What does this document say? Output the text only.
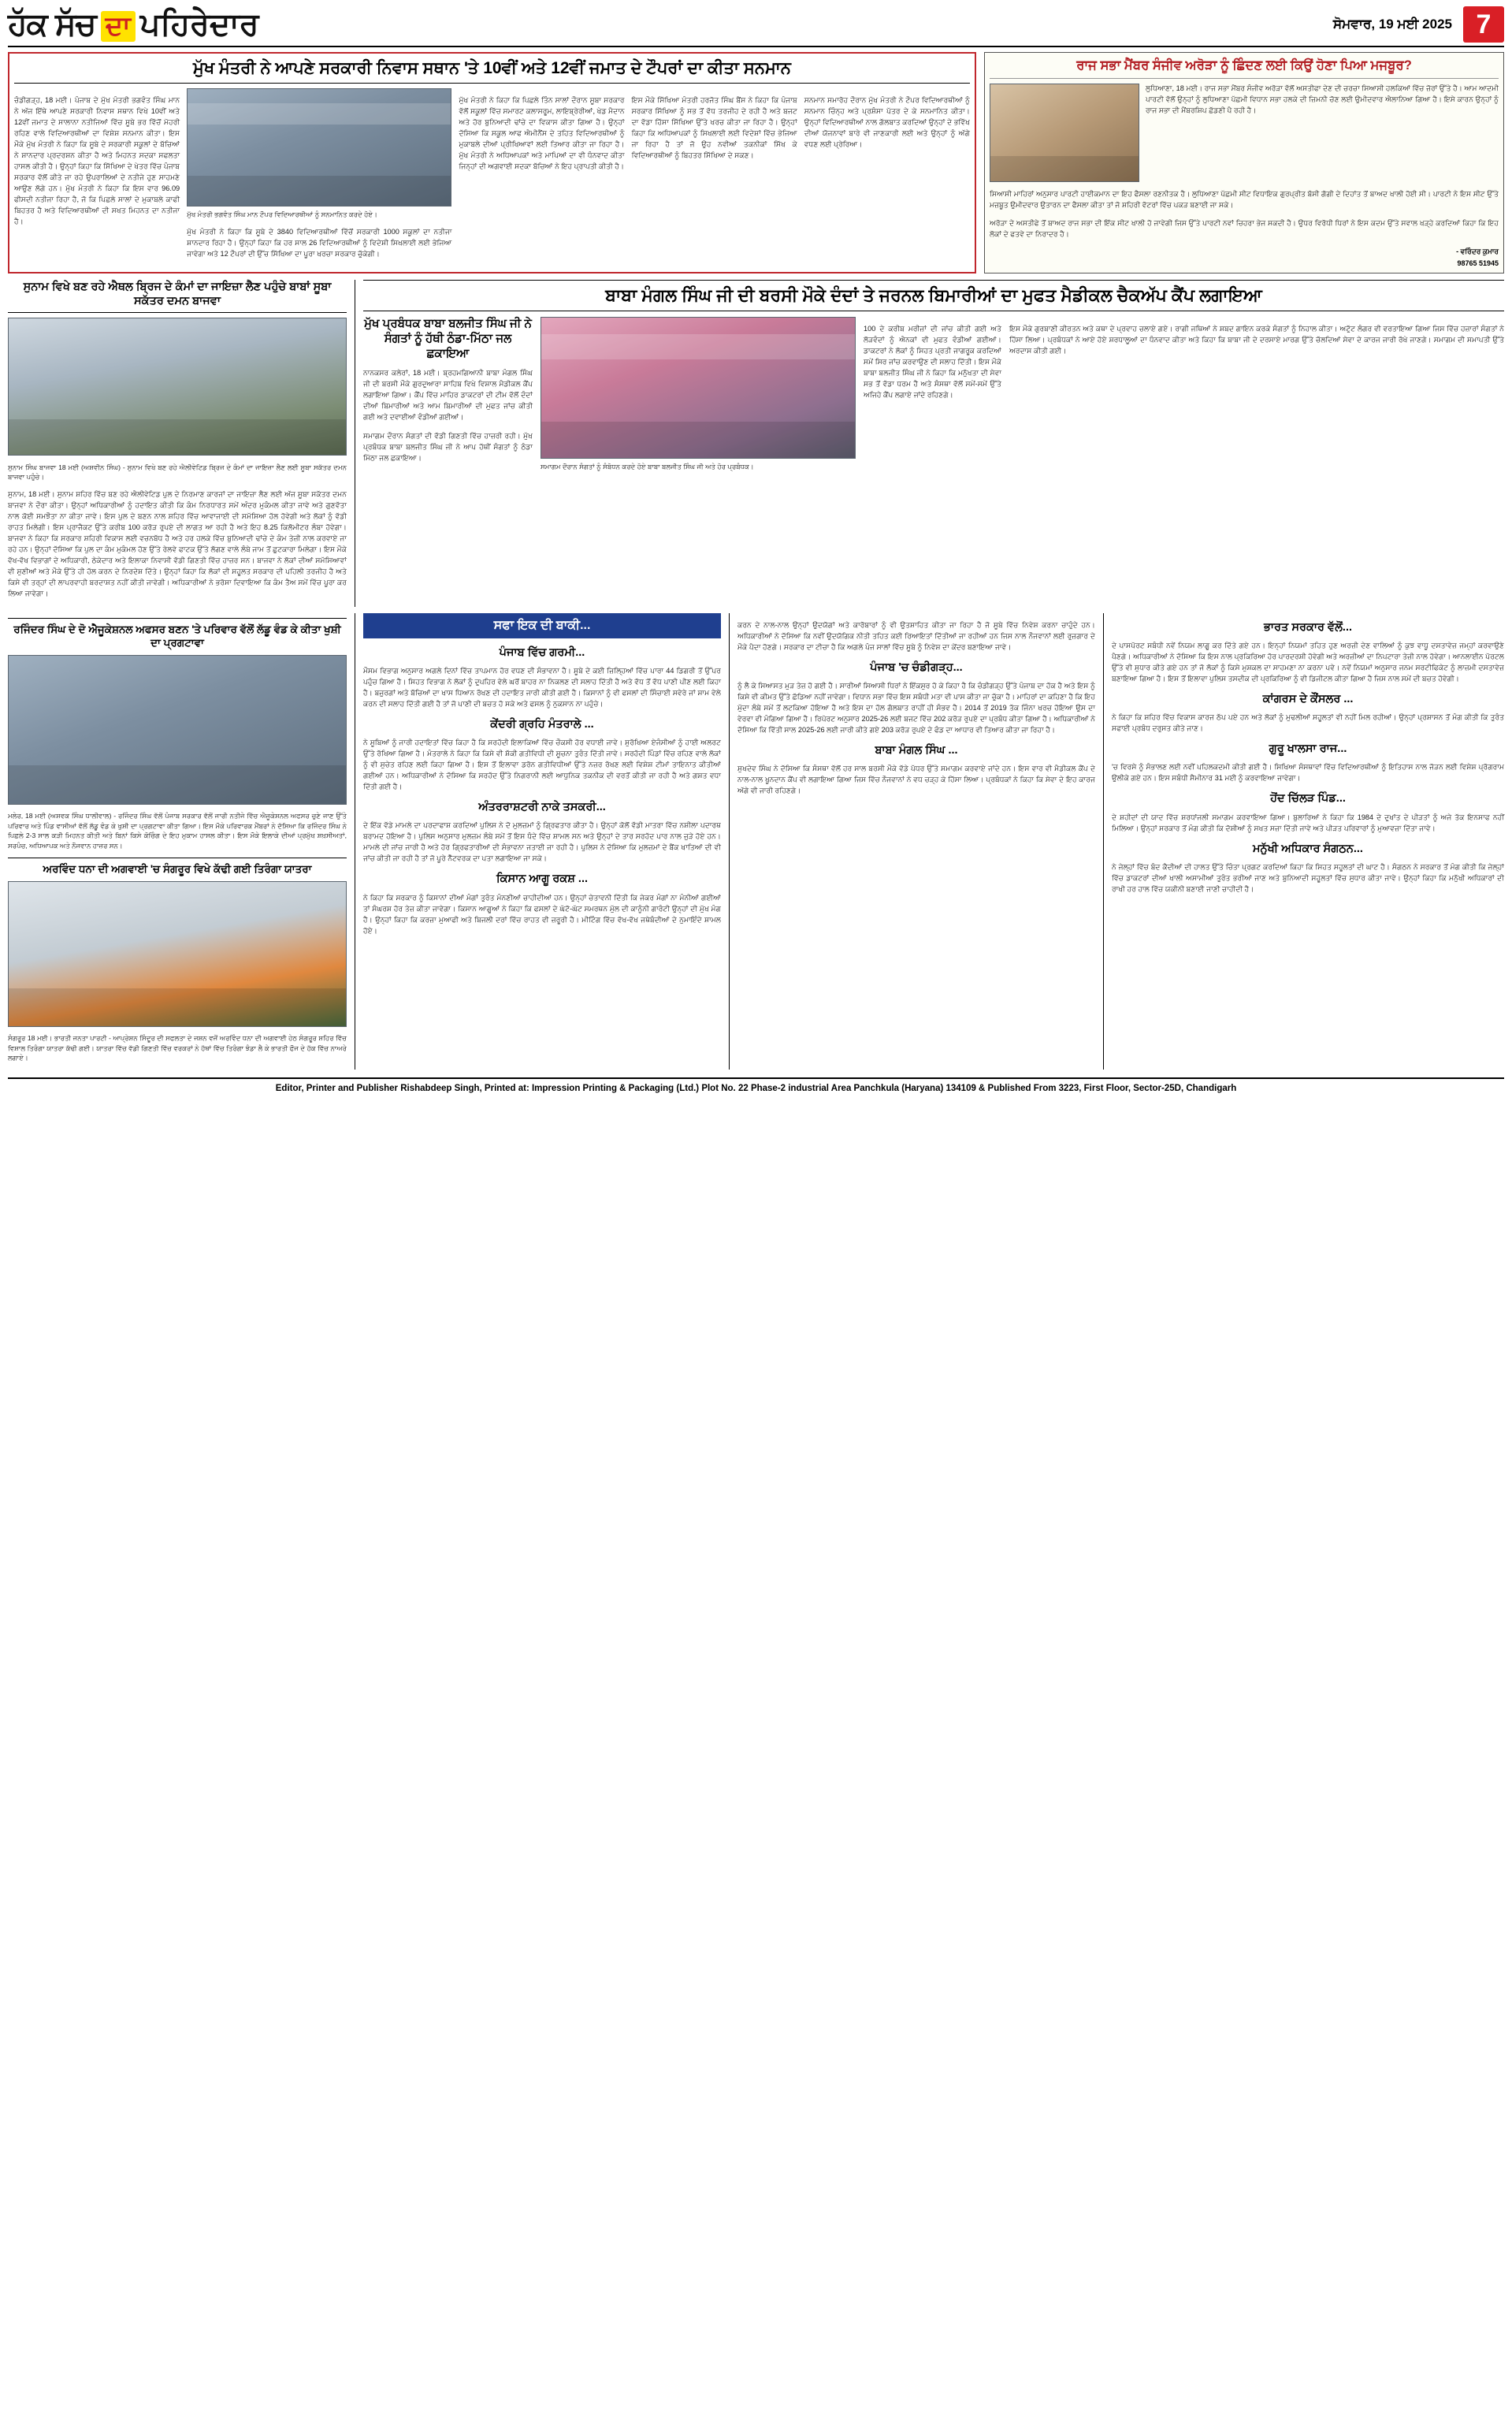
ਹੱਕ ਸੱਚ ਦਾ ਪਹਿਰੇਦਾਰ	ਸੋਮਵਾਰ, 19 ਮਈ 2025 7
ਮੁੱਖ ਮੰਤਰੀ ਨੇ ਆਪਣੇ ਸਰਕਾਰੀ ਨਿਵਾਸ ਸਥਾਨ 'ਤੇ 10ਵੀਂ ਅਤੇ 12ਵੀਂ ਜਮਾਤ ਦੇ ਟੌਪਰਾਂ ਦਾ ਕੀਤਾ ਸਨਮਾਨ

ਚੰਡੀਗੜ੍ਹ, 18 ਮਈ। ਪੰਜਾਬ ਦੇ ਮੁੱਖ ਮੰਤਰੀ ਭਗਵੰਤ ਸਿੰਘ ਮਾਨ ਨੇ ਅੱਜ ਇੱਥੇ ਆਪਣੇ ਸਰਕਾਰੀ ਨਿਵਾਸ ਸਥਾਨ ਵਿਖੇ 10ਵੀਂ ਅਤੇ 12ਵੀਂ ਜਮਾਤ ਦੇ ਸਾਲਾਨਾ ਨਤੀਜਿਆਂ ਵਿੱਚ ਸੂਬੇ ਭਰ ਵਿੱਚੋਂ ਮੋਹਰੀ ਰਹਿਣ ਵਾਲੇ ਵਿਦਿਆਰਥੀਆਂ ਦਾ ਵਿਸ਼ੇਸ਼ ਸਨਮਾਨ ਕੀਤਾ। ਇਸ ਮੌਕੇ ਮੁੱਖ ਮੰਤਰੀ ਨੇ ਕਿਹਾ ਕਿ ਸੂਬੇ ਦੇ ਸਰਕਾਰੀ ਸਕੂਲਾਂ ਦੇ ਬੱਚਿਆਂ ਨੇ ਸ਼ਾਨਦਾਰ ਪ੍ਰਦਰਸ਼ਨ ਕੀਤਾ ਹੈ ਅਤੇ ਮਿਹਨਤ ਸਦਕਾ ਸਫਲਤਾ ਹਾਸਲ ਕੀਤੀ ਹੈ। ਉਨ੍ਹਾਂ ਕਿਹਾ ਕਿ ਸਿੱਖਿਆ ਦੇ ਖੇਤਰ ਵਿੱਚ ਪੰਜਾਬ ਸਰਕਾਰ ਵੱਲੋਂ ਕੀਤੇ ਜਾ ਰਹੇ ਉਪਰਾਲਿਆਂ ਦੇ ਨਤੀਜੇ ਹੁਣ ਸਾਹਮਣੇ ਆਉਣ ਲੱਗੇ ਹਨ। ਮੁੱਖ ਮੰਤਰੀ ਨੇ ਕਿਹਾ ਕਿ ਇਸ ਵਾਰ 96.09 ਫੀਸਦੀ ਨਤੀਜਾ ਰਿਹਾ ਹੈ, ਜੋ ਕਿ ਪਿਛਲੇ ਸਾਲਾਂ ਦੇ ਮੁਕਾਬਲੇ ਕਾਫੀ ਬਿਹਤਰ ਹੈ ਅਤੇ ਵਿਦਿਆਰਥੀਆਂ ਦੀ ਸਖਤ ਮਿਹਨਤ ਦਾ ਨਤੀਜਾ ਹੈ।

ਮੁੱਖ ਮੰਤਰੀ ਭਗਵੰਤ ਸਿੰਘ ਮਾਨ ਟੌਪਰ ਵਿਦਿਆਰਥੀਆਂ ਨੂੰ ਸਨਮਾਨਿਤ ਕਰਦੇ ਹੋਏ।

ਮੁੱਖ ਮੰਤਰੀ ਨੇ ਕਿਹਾ ਕਿ ਸੂਬੇ ਦੇ 3840 ਵਿਦਿਆਰਥੀਆਂ ਵਿੱਚੋਂ ਸਰਕਾਰੀ 1000 ਸਕੂਲਾਂ ਦਾ ਨਤੀਜਾ ਸ਼ਾਨਦਾਰ ਰਿਹਾ ਹੈ। ਉਨ੍ਹਾਂ ਕਿਹਾ ਕਿ ਹਰ ਸਾਲ 26 ਵਿਦਿਆਰਥੀਆਂ ਨੂੰ ਵਿਦੇਸ਼ੀ ਸਿਖਲਾਈ ਲਈ ਭੇਜਿਆ ਜਾਵੇਗਾ ਅਤੇ 12 ਟੌਪਰਾਂ ਦੀ ਉੱਚ ਸਿੱਖਿਆ ਦਾ ਪੂਰਾ ਖਰਚਾ ਸਰਕਾਰ ਚੁੱਕੇਗੀ।

ਮੁੱਖ ਮੰਤਰੀ ਨੇ ਕਿਹਾ ਕਿ ਪਿਛਲੇ ਤਿੰਨ ਸਾਲਾਂ ਦੌਰਾਨ ਸੂਬਾ ਸਰਕਾਰ ਵੱਲੋਂ ਸਕੂਲਾਂ ਵਿੱਚ ਸਮਾਰਟ ਕਲਾਸਰੂਮ, ਲਾਇਬ੍ਰੇਰੀਆਂ, ਖੇਡ ਮੈਦਾਨ ਅਤੇ ਹੋਰ ਬੁਨਿਆਦੀ ਢਾਂਚੇ ਦਾ ਵਿਕਾਸ ਕੀਤਾ ਗਿਆ ਹੈ। ਉਨ੍ਹਾਂ ਦੱਸਿਆ ਕਿ ਸਕੂਲ ਆਫ ਐਮੀਨੈਂਸ ਦੇ ਤਹਿਤ ਵਿਦਿਆਰਥੀਆਂ ਨੂੰ ਮੁਕਾਬਲੇ ਦੀਆਂ ਪ੍ਰੀਖਿਆਵਾਂ ਲਈ ਤਿਆਰ ਕੀਤਾ ਜਾ ਰਿਹਾ ਹੈ। ਮੁੱਖ ਮੰਤਰੀ ਨੇ ਅਧਿਆਪਕਾਂ ਅਤੇ ਮਾਪਿਆਂ ਦਾ ਵੀ ਧੰਨਵਾਦ ਕੀਤਾ ਜਿਨ੍ਹਾਂ ਦੀ ਅਗਵਾਈ ਸਦਕਾ ਬੱਚਿਆਂ ਨੇ ਇਹ ਪ੍ਰਾਪਤੀ ਕੀਤੀ ਹੈ।

ਇਸ ਮੌਕੇ ਸਿੱਖਿਆ ਮੰਤਰੀ ਹਰਜੋਤ ਸਿੰਘ ਬੈਂਸ ਨੇ ਕਿਹਾ ਕਿ ਪੰਜਾਬ ਸਰਕਾਰ ਸਿੱਖਿਆ ਨੂੰ ਸਭ ਤੋਂ ਵੱਧ ਤਰਜੀਹ ਦੇ ਰਹੀ ਹੈ ਅਤੇ ਬਜਟ ਦਾ ਵੱਡਾ ਹਿੱਸਾ ਸਿੱਖਿਆ ਉੱਤੇ ਖਰਚ ਕੀਤਾ ਜਾ ਰਿਹਾ ਹੈ। ਉਨ੍ਹਾਂ ਕਿਹਾ ਕਿ ਅਧਿਆਪਕਾਂ ਨੂੰ ਸਿਖਲਾਈ ਲਈ ਵਿਦੇਸ਼ਾਂ ਵਿੱਚ ਭੇਜਿਆ ਜਾ ਰਿਹਾ ਹੈ ਤਾਂ ਜੋ ਉਹ ਨਵੀਆਂ ਤਕਨੀਕਾਂ ਸਿੱਖ ਕੇ ਵਿਦਿਆਰਥੀਆਂ ਨੂੰ ਬਿਹਤਰ ਸਿੱਖਿਆ ਦੇ ਸਕਣ।

ਸਨਮਾਨ ਸਮਾਰੋਹ ਦੌਰਾਨ ਮੁੱਖ ਮੰਤਰੀ ਨੇ ਟੌਪਰ ਵਿਦਿਆਰਥੀਆਂ ਨੂੰ ਸਨਮਾਨ ਚਿੰਨ੍ਹ ਅਤੇ ਪ੍ਰਸ਼ੰਸਾ ਪੱਤਰ ਦੇ ਕੇ ਸਨਮਾਨਿਤ ਕੀਤਾ। ਉਨ੍ਹਾਂ ਵਿਦਿਆਰਥੀਆਂ ਨਾਲ ਗੱਲਬਾਤ ਕਰਦਿਆਂ ਉਨ੍ਹਾਂ ਦੇ ਭਵਿੱਖ ਦੀਆਂ ਯੋਜਨਾਵਾਂ ਬਾਰੇ ਵੀ ਜਾਣਕਾਰੀ ਲਈ ਅਤੇ ਉਨ੍ਹਾਂ ਨੂੰ ਅੱਗੇ ਵਧਣ ਲਈ ਪ੍ਰੇਰਿਆ।

ਰਾਜ ਸਭਾ ਮੈਂਬਰ ਸੰਜੀਵ ਅਰੋੜਾ ਨੂੰ ਛਿੰਦਣ ਲਈ ਕਿਉਂ ਹੋਣਾ ਪਿਆ ਮਜਬੂਰ?

ਲੁਧਿਆਣਾ, 18 ਮਈ। ਰਾਜ ਸਭਾ ਮੈਂਬਰ ਸੰਜੀਵ ਅਰੋੜਾ ਵੱਲੋਂ ਅਸਤੀਫਾ ਦੇਣ ਦੀ ਚਰਚਾ ਸਿਆਸੀ ਹਲਕਿਆਂ ਵਿੱਚ ਜ਼ੋਰਾਂ ਉੱਤੇ ਹੈ। ਆਮ ਆਦਮੀ ਪਾਰਟੀ ਵੱਲੋਂ ਉਨ੍ਹਾਂ ਨੂੰ ਲੁਧਿਆਣਾ ਪੱਛਮੀ ਵਿਧਾਨ ਸਭਾ ਹਲਕੇ ਦੀ ਜ਼ਿਮਨੀ ਚੋਣ ਲਈ ਉਮੀਦਵਾਰ ਐਲਾਨਿਆ ਗਿਆ ਹੈ। ਇਸੇ ਕਾਰਨ ਉਨ੍ਹਾਂ ਨੂੰ ਰਾਜ ਸਭਾ ਦੀ ਮੈਂਬਰਸ਼ਿਪ ਛੱਡਣੀ ਪੈ ਰਹੀ ਹੈ।

ਸਿਆਸੀ ਮਾਹਿਰਾਂ ਅਨੁਸਾਰ ਪਾਰਟੀ ਹਾਈਕਮਾਨ ਦਾ ਇਹ ਫੈਸਲਾ ਰਣਨੀਤਕ ਹੈ। ਲੁਧਿਆਣਾ ਪੱਛਮੀ ਸੀਟ ਵਿਧਾਇਕ ਗੁਰਪ੍ਰੀਤ ਬੱਸੀ ਗੋਗੀ ਦੇ ਦਿਹਾਂਤ ਤੋਂ ਬਾਅਦ ਖਾਲੀ ਹੋਈ ਸੀ। ਪਾਰਟੀ ਨੇ ਇਸ ਸੀਟ ਉੱਤੇ ਮਜ਼ਬੂਤ ਉਮੀਦਵਾਰ ਉਤਾਰਨ ਦਾ ਫੈਸਲਾ ਕੀਤਾ ਤਾਂ ਜੋ ਸ਼ਹਿਰੀ ਵੋਟਰਾਂ ਵਿੱਚ ਪਕੜ ਬਣਾਈ ਜਾ ਸਕੇ।

ਅਰੋੜਾ ਦੇ ਅਸਤੀਫੇ ਤੋਂ ਬਾਅਦ ਰਾਜ ਸਭਾ ਦੀ ਇੱਕ ਸੀਟ ਖਾਲੀ ਹੋ ਜਾਵੇਗੀ ਜਿਸ ਉੱਤੇ ਪਾਰਟੀ ਨਵਾਂ ਚਿਹਰਾ ਭੇਜ ਸਕਦੀ ਹੈ। ਉਧਰ ਵਿਰੋਧੀ ਧਿਰਾਂ ਨੇ ਇਸ ਕਦਮ ਉੱਤੇ ਸਵਾਲ ਖੜ੍ਹੇ ਕਰਦਿਆਂ ਕਿਹਾ ਕਿ ਇਹ ਲੋਕਾਂ ਦੇ ਫਤਵੇ ਦਾ ਨਿਰਾਦਰ ਹੈ।

- ਵਰਿੰਦਰ ਕੁਮਾਰ
98765 51945
ਸੁਨਾਮ ਵਿਖੇ ਬਣ ਰਹੇ ਐਥਲ ਬ੍ਰਿਜ ਦੇ ਕੰਮਾਂ ਦਾ ਜਾਇਜ਼ਾ ਲੈਣ ਪਹੁੰਚੇ ਬਾਬਾਂ ਸੂਬਾ ਸਕੱਤਰ ਦਮਨ ਬਾਜਵਾ

ਸੁਨਾਮ ਸਿੰਘ ਬਾਜਵਾ 18 ਮਈ (ਅਸ਼ਵੀਨ ਸਿੰਘ) - ਸੁਨਾਮ ਵਿਖੇ ਬਣ ਰਹੇ ਐਲੀਵੇਟਿਡ ਬ੍ਰਿਜ ਦੇ ਕੰਮਾਂ ਦਾ ਜਾਇਜ਼ਾ ਲੈਣ ਲਈ ਸੂਬਾ ਸਕੱਤਰ ਦਮਨ ਬਾਜਵਾ ਪਹੁੰਚੇ।

ਸੁਨਾਮ, 18 ਮਈ। ਸੁਨਾਮ ਸ਼ਹਿਰ ਵਿੱਚ ਬਣ ਰਹੇ ਐਲੀਵੇਟਿਡ ਪੁਲ ਦੇ ਨਿਰਮਾਣ ਕਾਰਜਾਂ ਦਾ ਜਾਇਜ਼ਾ ਲੈਣ ਲਈ ਅੱਜ ਸੂਬਾ ਸਕੱਤਰ ਦਮਨ ਬਾਜਵਾ ਨੇ ਦੌਰਾ ਕੀਤਾ। ਉਨ੍ਹਾਂ ਅਧਿਕਾਰੀਆਂ ਨੂੰ ਹਦਾਇਤ ਕੀਤੀ ਕਿ ਕੰਮ ਨਿਰਧਾਰਤ ਸਮੇਂ ਅੰਦਰ ਮੁਕੰਮਲ ਕੀਤਾ ਜਾਵੇ ਅਤੇ ਗੁਣਵੱਤਾ ਨਾਲ ਕੋਈ ਸਮਝੌਤਾ ਨਾ ਕੀਤਾ ਜਾਵੇ। ਇਸ ਪੁਲ ਦੇ ਬਣਨ ਨਾਲ ਸ਼ਹਿਰ ਵਿੱਚ ਆਵਾਜਾਈ ਦੀ ਸਮੱਸਿਆ ਹੱਲ ਹੋਵੇਗੀ ਅਤੇ ਲੋਕਾਂ ਨੂੰ ਵੱਡੀ ਰਾਹਤ ਮਿਲੇਗੀ। ਇਸ ਪ੍ਰਾਜੈਕਟ ਉੱਤੇ ਕਰੀਬ 100 ਕਰੋੜ ਰੁਪਏ ਦੀ ਲਾਗਤ ਆ ਰਹੀ ਹੈ ਅਤੇ ਇਹ 8.25 ਕਿਲੋਮੀਟਰ ਲੰਬਾ ਹੋਵੇਗਾ। ਬਾਜਵਾ ਨੇ ਕਿਹਾ ਕਿ ਸਰਕਾਰ ਸ਼ਹਿਰੀ ਵਿਕਾਸ ਲਈ ਵਚਨਬੱਧ ਹੈ ਅਤੇ ਹਰ ਹਲਕੇ ਵਿੱਚ ਬੁਨਿਆਦੀ ਢਾਂਚੇ ਦੇ ਕੰਮ ਤੇਜ਼ੀ ਨਾਲ ਕਰਵਾਏ ਜਾ ਰਹੇ ਹਨ। ਉਨ੍ਹਾਂ ਦੱਸਿਆ ਕਿ ਪੁਲ ਦਾ ਕੰਮ ਮੁਕੰਮਲ ਹੋਣ ਉੱਤੇ ਰੇਲਵੇ ਫਾਟਕ ਉੱਤੇ ਲੱਗਣ ਵਾਲੇ ਲੰਬੇ ਜਾਮ ਤੋਂ ਛੁਟਕਾਰਾ ਮਿਲੇਗਾ। ਇਸ ਮੌਕੇ ਵੱਖ-ਵੱਖ ਵਿਭਾਗਾਂ ਦੇ ਅਧਿਕਾਰੀ, ਠੇਕੇਦਾਰ ਅਤੇ ਇਲਾਕਾ ਨਿਵਾਸੀ ਵੱਡੀ ਗਿਣਤੀ ਵਿੱਚ ਹਾਜ਼ਰ ਸਨ। ਬਾਜਵਾ ਨੇ ਲੋਕਾਂ ਦੀਆਂ ਸਮੱਸਿਆਵਾਂ ਵੀ ਸੁਣੀਆਂ ਅਤੇ ਮੌਕੇ ਉੱਤੇ ਹੀ ਹੱਲ ਕਰਨ ਦੇ ਨਿਰਦੇਸ਼ ਦਿੱਤੇ। ਉਨ੍ਹਾਂ ਕਿਹਾ ਕਿ ਲੋਕਾਂ ਦੀ ਸਹੂਲਤ ਸਰਕਾਰ ਦੀ ਪਹਿਲੀ ਤਰਜੀਹ ਹੈ ਅਤੇ ਕਿਸੇ ਵੀ ਤਰ੍ਹਾਂ ਦੀ ਲਾਪਰਵਾਹੀ ਬਰਦਾਸ਼ਤ ਨਹੀਂ ਕੀਤੀ ਜਾਵੇਗੀ। ਅਧਿਕਾਰੀਆਂ ਨੇ ਭਰੋਸਾ ਦਿਵਾਇਆ ਕਿ ਕੰਮ ਤੈਅ ਸਮੇਂ ਵਿੱਚ ਪੂਰਾ ਕਰ ਲਿਆ ਜਾਵੇਗਾ।

ਬਾਬਾ ਮੰਗਲ ਸਿੰਘ ਜੀ ਦੀ ਬਰਸੀ ਮੌਕੇ ਦੰਦਾਂ ਤੇ ਜਰਨਲ ਬਿਮਾਰੀਆਂ ਦਾ ਮੁਫਤ ਮੈਡੀਕਲ ਚੈਕਅੱਪ ਕੈਂਪ ਲਗਾਇਆ
ਮੁੱਖ ਪ੍ਰਬੰਧਕ ਬਾਬਾ ਬਲਜੀਤ ਸਿੰਘ ਜੀ ਨੇ ਸੰਗਤਾਂ ਨੂੰ ਹੱਥੀ ਠੰਡਾ-ਮਿੱਠਾ ਜਲ ਛਕਾਇਆ

ਨਾਨਕਸਰ ਕਲੇਰਾਂ, 18 ਮਈ। ਬ੍ਰਹਮਗਿਆਨੀ ਬਾਬਾ ਮੰਗਲ ਸਿੰਘ ਜੀ ਦੀ ਬਰਸੀ ਮੌਕੇ ਗੁਰਦੁਆਰਾ ਸਾਹਿਬ ਵਿਖੇ ਵਿਸ਼ਾਲ ਮੈਡੀਕਲ ਕੈਂਪ ਲਗਾਇਆ ਗਿਆ। ਕੈਂਪ ਵਿੱਚ ਮਾਹਿਰ ਡਾਕਟਰਾਂ ਦੀ ਟੀਮ ਵੱਲੋਂ ਦੰਦਾਂ ਦੀਆਂ ਬਿਮਾਰੀਆਂ ਅਤੇ ਆਮ ਬਿਮਾਰੀਆਂ ਦੀ ਮੁਫਤ ਜਾਂਚ ਕੀਤੀ ਗਈ ਅਤੇ ਦਵਾਈਆਂ ਵੰਡੀਆਂ ਗਈਆਂ।

ਸਮਾਗਮ ਦੌਰਾਨ ਸੰਗਤਾਂ ਦੀ ਵੱਡੀ ਗਿਣਤੀ ਵਿੱਚ ਹਾਜ਼ਰੀ ਰਹੀ। ਮੁੱਖ ਪ੍ਰਬੰਧਕ ਬਾਬਾ ਬਲਜੀਤ ਸਿੰਘ ਜੀ ਨੇ ਆਪ ਹੱਥੀਂ ਸੰਗਤਾਂ ਨੂੰ ਠੰਡਾ ਮਿੱਠਾ ਜਲ ਛਕਾਇਆ।

ਸਮਾਗਮ ਦੌਰਾਨ ਸੰਗਤਾਂ ਨੂੰ ਸੰਬੋਧਨ ਕਰਦੇ ਹੋਏ ਬਾਬਾ ਬਲਜੀਤ ਸਿੰਘ ਜੀ ਅਤੇ ਹੋਰ ਪ੍ਰਬੰਧਕ।

100 ਦੇ ਕਰੀਬ ਮਰੀਜ਼ਾਂ ਦੀ ਜਾਂਚ ਕੀਤੀ ਗਈ ਅਤੇ ਲੋੜਵੰਦਾਂ ਨੂੰ ਐਨਕਾਂ ਵੀ ਮੁਫਤ ਵੰਡੀਆਂ ਗਈਆਂ। ਡਾਕਟਰਾਂ ਨੇ ਲੋਕਾਂ ਨੂੰ ਸਿਹਤ ਪ੍ਰਤੀ ਜਾਗਰੂਕ ਕਰਦਿਆਂ ਸਮੇਂ ਸਿਰ ਜਾਂਚ ਕਰਵਾਉਣ ਦੀ ਸਲਾਹ ਦਿੱਤੀ। ਇਸ ਮੌਕੇ ਬਾਬਾ ਬਲਜੀਤ ਸਿੰਘ ਜੀ ਨੇ ਕਿਹਾ ਕਿ ਮਨੁੱਖਤਾ ਦੀ ਸੇਵਾ ਸਭ ਤੋਂ ਵੱਡਾ ਧਰਮ ਹੈ ਅਤੇ ਸੰਸਥਾ ਵੱਲੋਂ ਸਮੇਂ-ਸਮੇਂ ਉੱਤੇ ਅਜਿਹੇ ਕੈਂਪ ਲਗਾਏ ਜਾਂਦੇ ਰਹਿਣਗੇ।

ਇਸ ਮੌਕੇ ਗੁਰਬਾਣੀ ਕੀਰਤਨ ਅਤੇ ਕਥਾ ਦੇ ਪ੍ਰਵਾਹ ਚਲਾਏ ਗਏ। ਰਾਗੀ ਜਥਿਆਂ ਨੇ ਸ਼ਬਦ ਗਾਇਨ ਕਰਕੇ ਸੰਗਤਾਂ ਨੂੰ ਨਿਹਾਲ ਕੀਤਾ। ਅਟੁੱਟ ਲੰਗਰ ਵੀ ਵਰਤਾਇਆ ਗਿਆ ਜਿਸ ਵਿੱਚ ਹਜ਼ਾਰਾਂ ਸੰਗਤਾਂ ਨੇ ਹਿੱਸਾ ਲਿਆ। ਪ੍ਰਬੰਧਕਾਂ ਨੇ ਆਏ ਹੋਏ ਸ਼ਰਧਾਲੂਆਂ ਦਾ ਧੰਨਵਾਦ ਕੀਤਾ ਅਤੇ ਕਿਹਾ ਕਿ ਬਾਬਾ ਜੀ ਦੇ ਦਰਸਾਏ ਮਾਰਗ ਉੱਤੇ ਚੱਲਦਿਆਂ ਸੇਵਾ ਦੇ ਕਾਰਜ ਜਾਰੀ ਰੱਖੇ ਜਾਣਗੇ। ਸਮਾਗਮ ਦੀ ਸਮਾਪਤੀ ਉੱਤੇ ਅਰਦਾਸ ਕੀਤੀ ਗਈ।

ਰਜਿੰਦਰ ਸਿੰਘ ਦੇ ਦੋ ਐਜੂਕੇਸ਼ਨਲ ਅਫਸਰ ਬਣਨ 'ਤੇ ਪਰਿਵਾਰ ਵੱਲੋਂ ਲੱਡੂ ਵੰਡ ਕੇ ਕੀਤਾ ਖੁਸ਼ੀ ਦਾ ਪ੍ਰਗਟਾਵਾ

ਮਲੇਰ, 18 ਮਈ (ਅਸ਼ਵਕ ਸਿੰਘ ਧਾਲੀਵਾਲ) - ਰਜਿੰਦਰ ਸਿੰਘ ਵੱਲੋਂ ਪੰਜਾਬ ਸਰਕਾਰ ਵੱਲੋਂ ਜਾਰੀ ਨਤੀਜੇ ਵਿੱਚ ਐਜੂਕੇਸ਼ਨਲ ਅਫਸਰ ਚੁਣੇ ਜਾਣ ਉੱਤੇ ਪਰਿਵਾਰ ਅਤੇ ਪਿੰਡ ਵਾਸੀਆਂ ਵੱਲੋਂ ਲੱਡੂ ਵੰਡ ਕੇ ਖੁਸ਼ੀ ਦਾ ਪ੍ਰਗਟਾਵਾ ਕੀਤਾ ਗਿਆ। ਇਸ ਮੌਕੇ ਪਰਿਵਾਰਕ ਮੈਂਬਰਾਂ ਨੇ ਦੱਸਿਆ ਕਿ ਰਜਿੰਦਰ ਸਿੰਘ ਨੇ ਪਿਛਲੇ 2-3 ਸਾਲ ਕੜੀ ਮਿਹਨਤ ਕੀਤੀ ਅਤੇ ਬਿਨਾਂ ਕਿਸੇ ਕੋਚਿੰਗ ਦੇ ਇਹ ਮੁਕਾਮ ਹਾਸਲ ਕੀਤਾ। ਇਸ ਮੌਕੇ ਇਲਾਕੇ ਦੀਆਂ ਪ੍ਰਮੁੱਖ ਸ਼ਖ਼ਸੀਅਤਾਂ, ਸਰਪੰਚ, ਅਧਿਆਪਕ ਅਤੇ ਨੌਜਵਾਨ ਹਾਜ਼ਰ ਸਨ।

ਅਰਵਿੰਦ ਧਨਾ ਦੀ ਅਗਵਾਈ 'ਚ ਸੰਗਰੂਰ ਵਿਖੇ ਕੱਢੀ ਗਈ ਤਿਰੰਗਾ ਯਾਤਰਾ

ਸੰਗਰੂਰ 18 ਮਈ। ਭਾਰਤੀ ਜਨਤਾ ਪਾਰਟੀ - ਆਪ੍ਰੇਸ਼ਨ ਸਿੰਦੂਰ ਦੀ ਸਫਲਤਾ ਦੇ ਜਸ਼ਨ ਵਜੋਂ ਅਰਵਿੰਦ ਧਨਾ ਦੀ ਅਗਵਾਈ ਹੇਠ ਸੰਗਰੂਰ ਸ਼ਹਿਰ ਵਿੱਚ ਵਿਸ਼ਾਲ ਤਿਰੰਗਾ ਯਾਤਰਾ ਕੱਢੀ ਗਈ। ਯਾਤਰਾ ਵਿੱਚ ਵੱਡੀ ਗਿਣਤੀ ਵਿੱਚ ਵਰਕਰਾਂ ਨੇ ਹੱਥਾਂ ਵਿੱਚ ਤਿਰੰਗਾ ਝੰਡਾ ਲੈ ਕੇ ਭਾਰਤੀ ਫੌਜ ਦੇ ਹੱਕ ਵਿੱਚ ਨਾਅਰੇ ਲਗਾਏ।

ਸਫਾ ਇਕ ਦੀ ਬਾਕੀ...
ਪੰਜਾਬ ਵਿੱਚ ਗਰਮੀ...

ਮੌਸਮ ਵਿਭਾਗ ਅਨੁਸਾਰ ਅਗਲੇ ਦਿਨਾਂ ਵਿੱਚ ਤਾਪਮਾਨ ਹੋਰ ਵਧਣ ਦੀ ਸੰਭਾਵਨਾ ਹੈ। ਸੂਬੇ ਦੇ ਕਈ ਜ਼ਿਲ੍ਹਿਆਂ ਵਿੱਚ ਪਾਰਾ 44 ਡਿਗਰੀ ਤੋਂ ਉੱਪਰ ਪਹੁੰਚ ਗਿਆ ਹੈ। ਸਿਹਤ ਵਿਭਾਗ ਨੇ ਲੋਕਾਂ ਨੂੰ ਦੁਪਹਿਰ ਵੇਲੇ ਘਰੋਂ ਬਾਹਰ ਨਾ ਨਿਕਲਣ ਦੀ ਸਲਾਹ ਦਿੱਤੀ ਹੈ ਅਤੇ ਵੱਧ ਤੋਂ ਵੱਧ ਪਾਣੀ ਪੀਣ ਲਈ ਕਿਹਾ ਹੈ। ਬਜ਼ੁਰਗਾਂ ਅਤੇ ਬੱਚਿਆਂ ਦਾ ਖਾਸ ਧਿਆਨ ਰੱਖਣ ਦੀ ਹਦਾਇਤ ਜਾਰੀ ਕੀਤੀ ਗਈ ਹੈ। ਕਿਸਾਨਾਂ ਨੂੰ ਵੀ ਫਸਲਾਂ ਦੀ ਸਿੰਚਾਈ ਸਵੇਰੇ ਜਾਂ ਸ਼ਾਮ ਵੇਲੇ ਕਰਨ ਦੀ ਸਲਾਹ ਦਿੱਤੀ ਗਈ ਹੈ ਤਾਂ ਜੋ ਪਾਣੀ ਦੀ ਬਚਤ ਹੋ ਸਕੇ ਅਤੇ ਫਸਲ ਨੂੰ ਨੁਕਸਾਨ ਨਾ ਪਹੁੰਚੇ।

ਕੇਂਦਰੀ ਗ੍ਰਹਿ ਮੰਤਰਾਲੇ ...

ਨੇ ਸੂਬਿਆਂ ਨੂੰ ਜਾਰੀ ਹਦਾਇਤਾਂ ਵਿੱਚ ਕਿਹਾ ਹੈ ਕਿ ਸਰਹੱਦੀ ਇਲਾਕਿਆਂ ਵਿੱਚ ਚੌਕਸੀ ਹੋਰ ਵਧਾਈ ਜਾਵੇ। ਸੁਰੱਖਿਆ ਏਜੰਸੀਆਂ ਨੂੰ ਹਾਈ ਅਲਰਟ ਉੱਤੇ ਰੱਖਿਆ ਗਿਆ ਹੈ। ਮੰਤਰਾਲੇ ਨੇ ਕਿਹਾ ਕਿ ਕਿਸੇ ਵੀ ਸ਼ੱਕੀ ਗਤੀਵਿਧੀ ਦੀ ਸੂਚਨਾ ਤੁਰੰਤ ਦਿੱਤੀ ਜਾਵੇ। ਸਰਹੱਦੀ ਪਿੰਡਾਂ ਵਿੱਚ ਰਹਿਣ ਵਾਲੇ ਲੋਕਾਂ ਨੂੰ ਵੀ ਸੁਚੇਤ ਰਹਿਣ ਲਈ ਕਿਹਾ ਗਿਆ ਹੈ। ਇਸ ਤੋਂ ਇਲਾਵਾ ਡਰੋਨ ਗਤੀਵਿਧੀਆਂ ਉੱਤੇ ਨਜ਼ਰ ਰੱਖਣ ਲਈ ਵਿਸ਼ੇਸ਼ ਟੀਮਾਂ ਤਾਇਨਾਤ ਕੀਤੀਆਂ ਗਈਆਂ ਹਨ। ਅਧਿਕਾਰੀਆਂ ਨੇ ਦੱਸਿਆ ਕਿ ਸਰਹੱਦ ਉੱਤੇ ਨਿਗਰਾਨੀ ਲਈ ਆਧੁਨਿਕ ਤਕਨੀਕ ਦੀ ਵਰਤੋਂ ਕੀਤੀ ਜਾ ਰਹੀ ਹੈ ਅਤੇ ਗਸ਼ਤ ਵਧਾ ਦਿੱਤੀ ਗਈ ਹੈ।

ਅੰਤਰਰਾਸ਼ਟਰੀ ਨਾਕੇ ਤਸਕਰੀ...

ਦੇ ਇੱਕ ਵੱਡੇ ਮਾਮਲੇ ਦਾ ਪਰਦਾਫਾਸ਼ ਕਰਦਿਆਂ ਪੁਲਿਸ ਨੇ ਦੋ ਮੁਲਜ਼ਮਾਂ ਨੂੰ ਗ੍ਰਿਫਤਾਰ ਕੀਤਾ ਹੈ। ਉਨ੍ਹਾਂ ਕੋਲੋਂ ਵੱਡੀ ਮਾਤਰਾ ਵਿੱਚ ਨਸ਼ੀਲਾ ਪਦਾਰਥ ਬਰਾਮਦ ਹੋਇਆ ਹੈ। ਪੁਲਿਸ ਅਨੁਸਾਰ ਮੁਲਜ਼ਮ ਲੰਬੇ ਸਮੇਂ ਤੋਂ ਇਸ ਧੰਦੇ ਵਿੱਚ ਸ਼ਾਮਲ ਸਨ ਅਤੇ ਉਨ੍ਹਾਂ ਦੇ ਤਾਰ ਸਰਹੱਦ ਪਾਰ ਨਾਲ ਜੁੜੇ ਹੋਏ ਹਨ। ਮਾਮਲੇ ਦੀ ਜਾਂਚ ਜਾਰੀ ਹੈ ਅਤੇ ਹੋਰ ਗ੍ਰਿਫਤਾਰੀਆਂ ਦੀ ਸੰਭਾਵਨਾ ਜਤਾਈ ਜਾ ਰਹੀ ਹੈ। ਪੁਲਿਸ ਨੇ ਦੱਸਿਆ ਕਿ ਮੁਲਜ਼ਮਾਂ ਦੇ ਬੈਂਕ ਖਾਤਿਆਂ ਦੀ ਵੀ ਜਾਂਚ ਕੀਤੀ ਜਾ ਰਹੀ ਹੈ ਤਾਂ ਜੋ ਪੂਰੇ ਨੈੱਟਵਰਕ ਦਾ ਪਤਾ ਲਗਾਇਆ ਜਾ ਸਕੇ।

ਕਿਸਾਨ ਆਗੂ ਰਕਸ਼ ...

ਨੇ ਕਿਹਾ ਕਿ ਸਰਕਾਰ ਨੂੰ ਕਿਸਾਨਾਂ ਦੀਆਂ ਮੰਗਾਂ ਤੁਰੰਤ ਮੰਨਣੀਆਂ ਚਾਹੀਦੀਆਂ ਹਨ। ਉਨ੍ਹਾਂ ਚੇਤਾਵਨੀ ਦਿੱਤੀ ਕਿ ਜੇਕਰ ਮੰਗਾਂ ਨਾ ਮੰਨੀਆਂ ਗਈਆਂ ਤਾਂ ਸੰਘਰਸ਼ ਹੋਰ ਤੇਜ਼ ਕੀਤਾ ਜਾਵੇਗਾ। ਕਿਸਾਨ ਆਗੂਆਂ ਨੇ ਕਿਹਾ ਕਿ ਫਸਲਾਂ ਦੇ ਘੱਟੋ-ਘੱਟ ਸਮਰਥਨ ਮੁੱਲ ਦੀ ਕਾਨੂੰਨੀ ਗਾਰੰਟੀ ਉਨ੍ਹਾਂ ਦੀ ਮੁੱਖ ਮੰਗ ਹੈ। ਉਨ੍ਹਾਂ ਕਿਹਾ ਕਿ ਕਰਜ਼ਾ ਮੁਆਫੀ ਅਤੇ ਬਿਜਲੀ ਦਰਾਂ ਵਿੱਚ ਰਾਹਤ ਵੀ ਜ਼ਰੂਰੀ ਹੈ। ਮੀਟਿੰਗ ਵਿੱਚ ਵੱਖ-ਵੱਖ ਜਥੇਬੰਦੀਆਂ ਦੇ ਨੁਮਾਇੰਦੇ ਸ਼ਾਮਲ ਹੋਏ।

ਕਰਨ ਦੇ ਨਾਲ-ਨਾਲ ਉਨ੍ਹਾਂ ਉਦਯੋਗਾਂ ਅਤੇ ਕਾਰੋਬਾਰਾਂ ਨੂੰ ਵੀ ਉਤਸ਼ਾਹਿਤ ਕੀਤਾ ਜਾ ਰਿਹਾ ਹੈ ਜੋ ਸੂਬੇ ਵਿੱਚ ਨਿਵੇਸ਼ ਕਰਨਾ ਚਾਹੁੰਦੇ ਹਨ। ਅਧਿਕਾਰੀਆਂ ਨੇ ਦੱਸਿਆ ਕਿ ਨਵੀਂ ਉਦਯੋਗਿਕ ਨੀਤੀ ਤਹਿਤ ਕਈ ਰਿਆਇਤਾਂ ਦਿੱਤੀਆਂ ਜਾ ਰਹੀਆਂ ਹਨ ਜਿਸ ਨਾਲ ਨੌਜਵਾਨਾਂ ਲਈ ਰੁਜ਼ਗਾਰ ਦੇ ਮੌਕੇ ਪੈਦਾ ਹੋਣਗੇ। ਸਰਕਾਰ ਦਾ ਟੀਚਾ ਹੈ ਕਿ ਅਗਲੇ ਪੰਜ ਸਾਲਾਂ ਵਿੱਚ ਸੂਬੇ ਨੂੰ ਨਿਵੇਸ਼ ਦਾ ਕੇਂਦਰ ਬਣਾਇਆ ਜਾਵੇ।

ਪੰਜਾਬ 'ਚ ਚੰਡੀਗੜ੍ਹ...

ਨੂੰ ਲੈ ਕੇ ਸਿਆਸਤ ਮੁੜ ਤੇਜ਼ ਹੋ ਗਈ ਹੈ। ਸਾਰੀਆਂ ਸਿਆਸੀ ਧਿਰਾਂ ਨੇ ਇੱਕਸੁਰ ਹੋ ਕੇ ਕਿਹਾ ਹੈ ਕਿ ਚੰਡੀਗੜ੍ਹ ਉੱਤੇ ਪੰਜਾਬ ਦਾ ਹੱਕ ਹੈ ਅਤੇ ਇਸ ਨੂੰ ਕਿਸੇ ਵੀ ਕੀਮਤ ਉੱਤੇ ਛੱਡਿਆ ਨਹੀਂ ਜਾਵੇਗਾ। ਵਿਧਾਨ ਸਭਾ ਵਿੱਚ ਇਸ ਸਬੰਧੀ ਮਤਾ ਵੀ ਪਾਸ ਕੀਤਾ ਜਾ ਚੁੱਕਾ ਹੈ। ਮਾਹਿਰਾਂ ਦਾ ਕਹਿਣਾ ਹੈ ਕਿ ਇਹ ਮੁੱਦਾ ਲੰਬੇ ਸਮੇਂ ਤੋਂ ਲਟਕਿਆ ਹੋਇਆ ਹੈ ਅਤੇ ਇਸ ਦਾ ਹੱਲ ਗੱਲਬਾਤ ਰਾਹੀਂ ਹੀ ਸੰਭਵ ਹੈ। 2014 ਤੋਂ 2019 ਤੱਕ ਜਿੰਨਾ ਖਰਚ ਹੋਇਆ ਉਸ ਦਾ ਵੇਰਵਾ ਵੀ ਮੰਗਿਆ ਗਿਆ ਹੈ। ਰਿਪੋਰਟ ਅਨੁਸਾਰ 2025-26 ਲਈ ਬਜਟ ਵਿੱਚ 202 ਕਰੋੜ ਰੁਪਏ ਦਾ ਪ੍ਰਬੰਧ ਕੀਤਾ ਗਿਆ ਹੈ। ਅਧਿਕਾਰੀਆਂ ਨੇ ਦੱਸਿਆ ਕਿ ਵਿੱਤੀ ਸਾਲ 2025-26 ਲਈ ਜਾਰੀ ਕੀਤੇ ਗਏ 203 ਕਰੋੜ ਰੁਪਏ ਦੇ ਫੰਡ ਦਾ ਆਧਾਰ ਵੀ ਤਿਆਰ ਕੀਤਾ ਜਾ ਰਿਹਾ ਹੈ।

ਬਾਬਾ ਮੰਗਲ ਸਿੰਘ ...

ਸੁਖਦੇਵ ਸਿੰਘ ਨੇ ਦੱਸਿਆ ਕਿ ਸੰਸਥਾ ਵੱਲੋਂ ਹਰ ਸਾਲ ਬਰਸੀ ਮੌਕੇ ਵੱਡੇ ਪੱਧਰ ਉੱਤੇ ਸਮਾਗਮ ਕਰਵਾਏ ਜਾਂਦੇ ਹਨ। ਇਸ ਵਾਰ ਵੀ ਮੈਡੀਕਲ ਕੈਂਪ ਦੇ ਨਾਲ-ਨਾਲ ਖੂਨਦਾਨ ਕੈਂਪ ਵੀ ਲਗਾਇਆ ਗਿਆ ਜਿਸ ਵਿੱਚ ਨੌਜਵਾਨਾਂ ਨੇ ਵਧ ਚੜ੍ਹ ਕੇ ਹਿੱਸਾ ਲਿਆ। ਪ੍ਰਬੰਧਕਾਂ ਨੇ ਕਿਹਾ ਕਿ ਸੇਵਾ ਦੇ ਇਹ ਕਾਰਜ ਅੱਗੇ ਵੀ ਜਾਰੀ ਰਹਿਣਗੇ।

ਭਾਰਤ ਸਰਕਾਰ ਵੱਲੋਂ...

ਦੇ ਪਾਸਪੋਰਟ ਸਬੰਧੀ ਨਵੇਂ ਨਿਯਮ ਲਾਗੂ ਕਰ ਦਿੱਤੇ ਗਏ ਹਨ। ਇਨ੍ਹਾਂ ਨਿਯਮਾਂ ਤਹਿਤ ਹੁਣ ਅਰਜ਼ੀ ਦੇਣ ਵਾਲਿਆਂ ਨੂੰ ਕੁਝ ਵਾਧੂ ਦਸਤਾਵੇਜ਼ ਜਮ੍ਹਾਂ ਕਰਵਾਉਣੇ ਪੈਣਗੇ। ਅਧਿਕਾਰੀਆਂ ਨੇ ਦੱਸਿਆ ਕਿ ਇਸ ਨਾਲ ਪ੍ਰਕਿਰਿਆ ਹੋਰ ਪਾਰਦਰਸ਼ੀ ਹੋਵੇਗੀ ਅਤੇ ਅਰਜ਼ੀਆਂ ਦਾ ਨਿਪਟਾਰਾ ਤੇਜ਼ੀ ਨਾਲ ਹੋਵੇਗਾ। ਆਨਲਾਈਨ ਪੋਰਟਲ ਉੱਤੇ ਵੀ ਸੁਧਾਰ ਕੀਤੇ ਗਏ ਹਨ ਤਾਂ ਜੋ ਲੋਕਾਂ ਨੂੰ ਕਿਸੇ ਮੁਸ਼ਕਲ ਦਾ ਸਾਹਮਣਾ ਨਾ ਕਰਨਾ ਪਵੇ। ਨਵੇਂ ਨਿਯਮਾਂ ਅਨੁਸਾਰ ਜਨਮ ਸਰਟੀਫਿਕੇਟ ਨੂੰ ਲਾਜ਼ਮੀ ਦਸਤਾਵੇਜ਼ ਬਣਾਇਆ ਗਿਆ ਹੈ। ਇਸ ਤੋਂ ਇਲਾਵਾ ਪੁਲਿਸ ਤਸਦੀਕ ਦੀ ਪ੍ਰਕਿਰਿਆ ਨੂੰ ਵੀ ਡਿਜੀਟਲ ਕੀਤਾ ਗਿਆ ਹੈ ਜਿਸ ਨਾਲ ਸਮੇਂ ਦੀ ਬਚਤ ਹੋਵੇਗੀ।

ਕਾਂਗਰਸ ਦੇ ਕੌਂਸਲਰ ...

ਨੇ ਕਿਹਾ ਕਿ ਸ਼ਹਿਰ ਵਿੱਚ ਵਿਕਾਸ ਕਾਰਜ ਠੱਪ ਪਏ ਹਨ ਅਤੇ ਲੋਕਾਂ ਨੂੰ ਮੁਢਲੀਆਂ ਸਹੂਲਤਾਂ ਵੀ ਨਹੀਂ ਮਿਲ ਰਹੀਆਂ। ਉਨ੍ਹਾਂ ਪ੍ਰਸ਼ਾਸਨ ਤੋਂ ਮੰਗ ਕੀਤੀ ਕਿ ਤੁਰੰਤ ਸਫਾਈ ਪ੍ਰਬੰਧ ਦਰੁਸਤ ਕੀਤੇ ਜਾਣ।

ਗੁਰੂ ਖਾਲਸਾ ਰਾਜ...

'ਚ ਵਿਰਸੇ ਨੂੰ ਸੰਭਾਲਣ ਲਈ ਨਵੀਂ ਪਹਿਲਕਦਮੀ ਕੀਤੀ ਗਈ ਹੈ। ਸਿਖਿਆ ਸੰਸਥਾਵਾਂ ਵਿੱਚ ਵਿਦਿਆਰਥੀਆਂ ਨੂੰ ਇਤਿਹਾਸ ਨਾਲ ਜੋੜਨ ਲਈ ਵਿਸ਼ੇਸ਼ ਪ੍ਰੋਗਰਾਮ ਉਲੀਕੇ ਗਏ ਹਨ। ਇਸ ਸਬੰਧੀ ਸੈਮੀਨਾਰ 31 ਮਈ ਨੂੰ ਕਰਵਾਇਆ ਜਾਵੇਗਾ।

ਹੋਂਦ ਚਿੱਲੜ ਪਿੰਡ...

ਦੇ ਸ਼ਹੀਦਾਂ ਦੀ ਯਾਦ ਵਿੱਚ ਸ਼ਰਧਾਂਜਲੀ ਸਮਾਗਮ ਕਰਵਾਇਆ ਗਿਆ। ਬੁਲਾਰਿਆਂ ਨੇ ਕਿਹਾ ਕਿ 1984 ਦੇ ਦੁਖਾਂਤ ਦੇ ਪੀੜਤਾਂ ਨੂੰ ਅਜੇ ਤੱਕ ਇਨਸਾਫ ਨਹੀਂ ਮਿਲਿਆ। ਉਨ੍ਹਾਂ ਸਰਕਾਰ ਤੋਂ ਮੰਗ ਕੀਤੀ ਕਿ ਦੋਸ਼ੀਆਂ ਨੂੰ ਸਖਤ ਸਜ਼ਾ ਦਿੱਤੀ ਜਾਵੇ ਅਤੇ ਪੀੜਤ ਪਰਿਵਾਰਾਂ ਨੂੰ ਮੁਆਵਜ਼ਾ ਦਿੱਤਾ ਜਾਵੇ।

ਮਨੁੱਖੀ ਅਧਿਕਾਰ ਸੰਗਠਨ...

ਨੇ ਜੇਲ੍ਹਾਂ ਵਿੱਚ ਬੰਦ ਕੈਦੀਆਂ ਦੀ ਹਾਲਤ ਉੱਤੇ ਚਿੰਤਾ ਪ੍ਰਗਟ ਕਰਦਿਆਂ ਕਿਹਾ ਕਿ ਸਿਹਤ ਸਹੂਲਤਾਂ ਦੀ ਘਾਟ ਹੈ। ਸੰਗਠਨ ਨੇ ਸਰਕਾਰ ਤੋਂ ਮੰਗ ਕੀਤੀ ਕਿ ਜੇਲ੍ਹਾਂ ਵਿੱਚ ਡਾਕਟਰਾਂ ਦੀਆਂ ਖਾਲੀ ਅਸਾਮੀਆਂ ਤੁਰੰਤ ਭਰੀਆਂ ਜਾਣ ਅਤੇ ਬੁਨਿਆਦੀ ਸਹੂਲਤਾਂ ਵਿੱਚ ਸੁਧਾਰ ਕੀਤਾ ਜਾਵੇ। ਉਨ੍ਹਾਂ ਕਿਹਾ ਕਿ ਮਨੁੱਖੀ ਅਧਿਕਾਰਾਂ ਦੀ ਰਾਖੀ ਹਰ ਹਾਲ ਵਿੱਚ ਯਕੀਨੀ ਬਣਾਈ ਜਾਣੀ ਚਾਹੀਦੀ ਹੈ।

Editor, Printer and Publisher Rishabdeep Singh, Printed at: Impression Printing & Packaging (Ltd.) Plot No. 22 Phase-2 industrial Area Panchkula (Haryana) 134109 & Published From 3223, First Floor, Sector-25D, Chandigarh
